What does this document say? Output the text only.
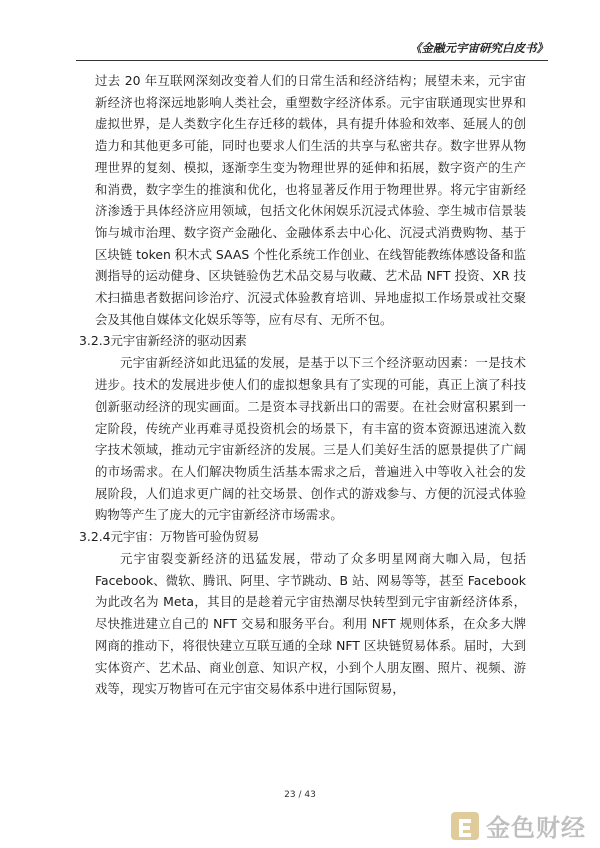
《金融元宇宙研究白皮书》

过去 20 年互联网深刻改变着人们的日常生活和经济结构；展望未来，元宇宙新经济也将深远地影响人类社会，重塑数字经济体系。元宇宙联通现实世界和虚拟世界，是人类数字化生存迁移的载体，具有提升体验和效率、延展人的创造力和其他更多可能，同时也要求人们生活的共享与私密共存。数字世界从物理世界的复刻、模拟，逐渐孪生变为物理世界的延伸和拓展，数字资产的生产和消费，数字孪生的推演和优化，也将显著反作用于物理世界。将元宇宙新经济渗透于具体经济应用领域，包括文化休闲娱乐沉浸式体验、孪生城市信景装饰与城市治理、数字资产金融化、金融体系去中心化、沉浸式消费购物、基于区块链 token 积木式 SAAS 个性化系统工作创业、在线智能教练体感设备和监测指导的运动健身、区块链验伪艺术品交易与收藏、艺术品 NFT 投资、XR 技术扫描患者数据问诊治疗、沉浸式体验教育培训、异地虚拟工作场景或社交聚会及其他自媒体文化娱乐等等，应有尽有、无所不包。

3.2.3元宇宙新经济的驱动因素

元宇宙新经济如此迅猛的发展，是基于以下三个经济驱动因素：一是技术进步。技术的发展进步使人们的虚拟想象具有了实现的可能，真正上演了科技创新驱动经济的现实画面。二是资本寻找新出口的需要。在社会财富积累到一定阶段，传统产业再难寻觅投资机会的场景下，有丰富的资本资源迅速流入数字技术领域，推动元宇宙新经济的发展。三是人们美好生活的愿景提供了广阔的市场需求。在人们解决物质生活基本需求之后，普遍进入中等收入社会的发展阶段，人们追求更广阔的社交场景、创作式的游戏参与、方便的沉浸式体验购物等产生了庞大的元宇宙新经济市场需求。

3.2.4元宇宙：万物皆可验伪贸易

元宇宙裂变新经济的迅猛发展，带动了众多明星网商大咖入局，包括Facebook、微软、腾讯、阿里、字节跳动、B 站、网易等等，甚至 Facebook为此改名为 Meta，其目的是趁着元宇宙热潮尽快转型到元宇宙新经济体系，尽快推进建立自己的 NFT 交易和服务平台。利用 NFT 规则体系，在众多大牌网商的推动下，将很快建立互联互通的全球 NFT 区块链贸易体系。届时，大到实体资产、艺术品、商业创意、知识产权，小到个人朋友圈、照片、视频、游戏等，现实万物皆可在元宇宙交易体系中进行国际贸易，

23 / 43
金色财经
